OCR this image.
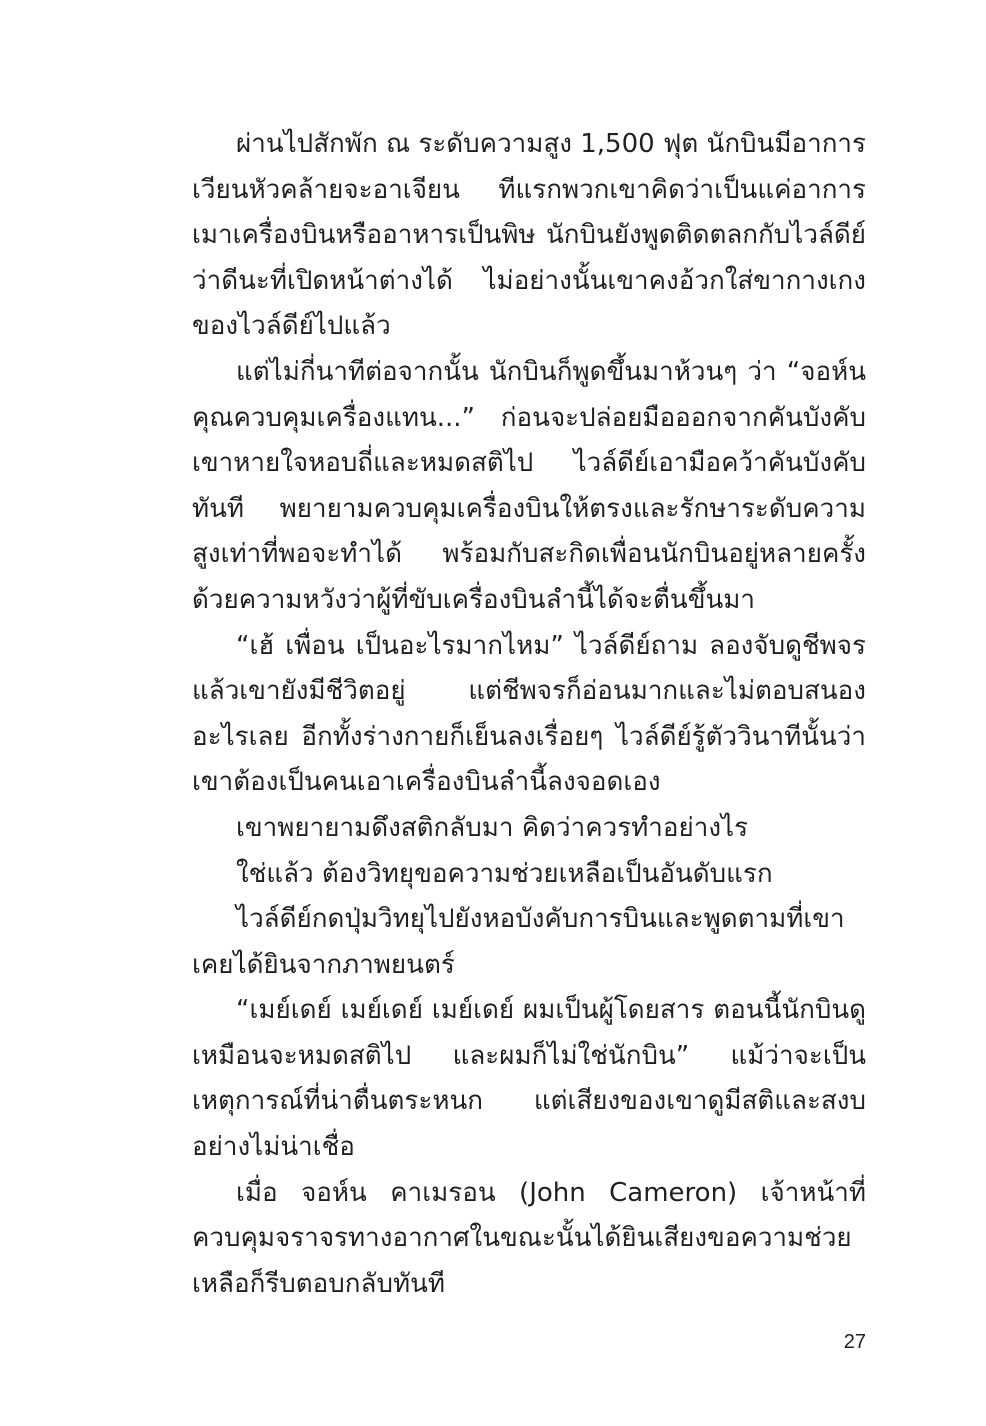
ผ่านไปสักพัก ณ ระดับความสูง 1,500 ฟุต นักบินมีอาการเวียนหัวคล้ายจะอาเจียน ทีแรกพวกเขาคิดว่าเป็นแค่อาการเมาเครื่องบินหรืออาหารเป็นพิษ นักบินยังพูดติดตลกกับไวล์ดีย์ว่าดีนะที่เปิดหน้าต่างได้ ไม่อย่างนั้นเขาคงอ้วกใส่ขากางเกงของไวล์ดีย์ไปแล้ว

แต่ไม่กี่นาทีต่อจากนั้น นักบินก็พูดขึ้นมาห้วนๆ ว่า “จอห์นคุณควบคุมเครื่องแทน...” ก่อนจะปล่อยมือออกจากคันบังคับ เขาหายใจหอบถี่และหมดสติไป ไวล์ดีย์เอามือคว้าคันบังคับทันที พยายามควบคุมเครื่องบินให้ตรงและรักษาระดับความสูงเท่าที่พอจะทำได้ พร้อมกับสะกิดเพื่อนนักบินอยู่หลายครั้งด้วยความหวังว่าผู้ที่ขับเครื่องบินลำนี้ได้จะตื่นขึ้นมา

“เฮ้ เพื่อน เป็นอะไรมากไหม” ไวล์ดีย์ถาม ลองจับดูชีพจรแล้วเขายังมีชีวิตอยู่ แต่ชีพจรก็อ่อนมากและไม่ตอบสนองอะไรเลย อีกทั้งร่างกายก็เย็นลงเรื่อยๆ ไวล์ดีย์รู้ตัววินาทีนั้นว่าเขาต้องเป็นคนเอาเครื่องบินลำนี้ลงจอดเอง

เขาพยายามดึงสติกลับมา คิดว่าควรทำอย่างไร

ใช่แล้ว ต้องวิทยุขอความช่วยเหลือเป็นอันดับแรก

ไวล์ดีย์กดปุ่มวิทยุไปยังหอบังคับการบินและพูดตามที่เขาเคยได้ยินจากภาพยนตร์

“เมย์เดย์ เมย์เดย์ เมย์เดย์ ผมเป็นผู้โดยสาร ตอนนี้นักบินดูเหมือนจะหมดสติไป และผมก็ไม่ใช่นักบิน” แม้ว่าจะเป็นเหตุการณ์ที่น่าตื่นตระหนก แต่เสียงของเขาดูมีสติและสงบอย่างไม่น่าเชื่อ

เมื่อ จอห์น คาเมรอน (John Cameron) เจ้าหน้าที่ควบคุมจราจรทางอากาศในขณะนั้นได้ยินเสียงขอความช่วยเหลือก็รีบตอบกลับทันที

27
